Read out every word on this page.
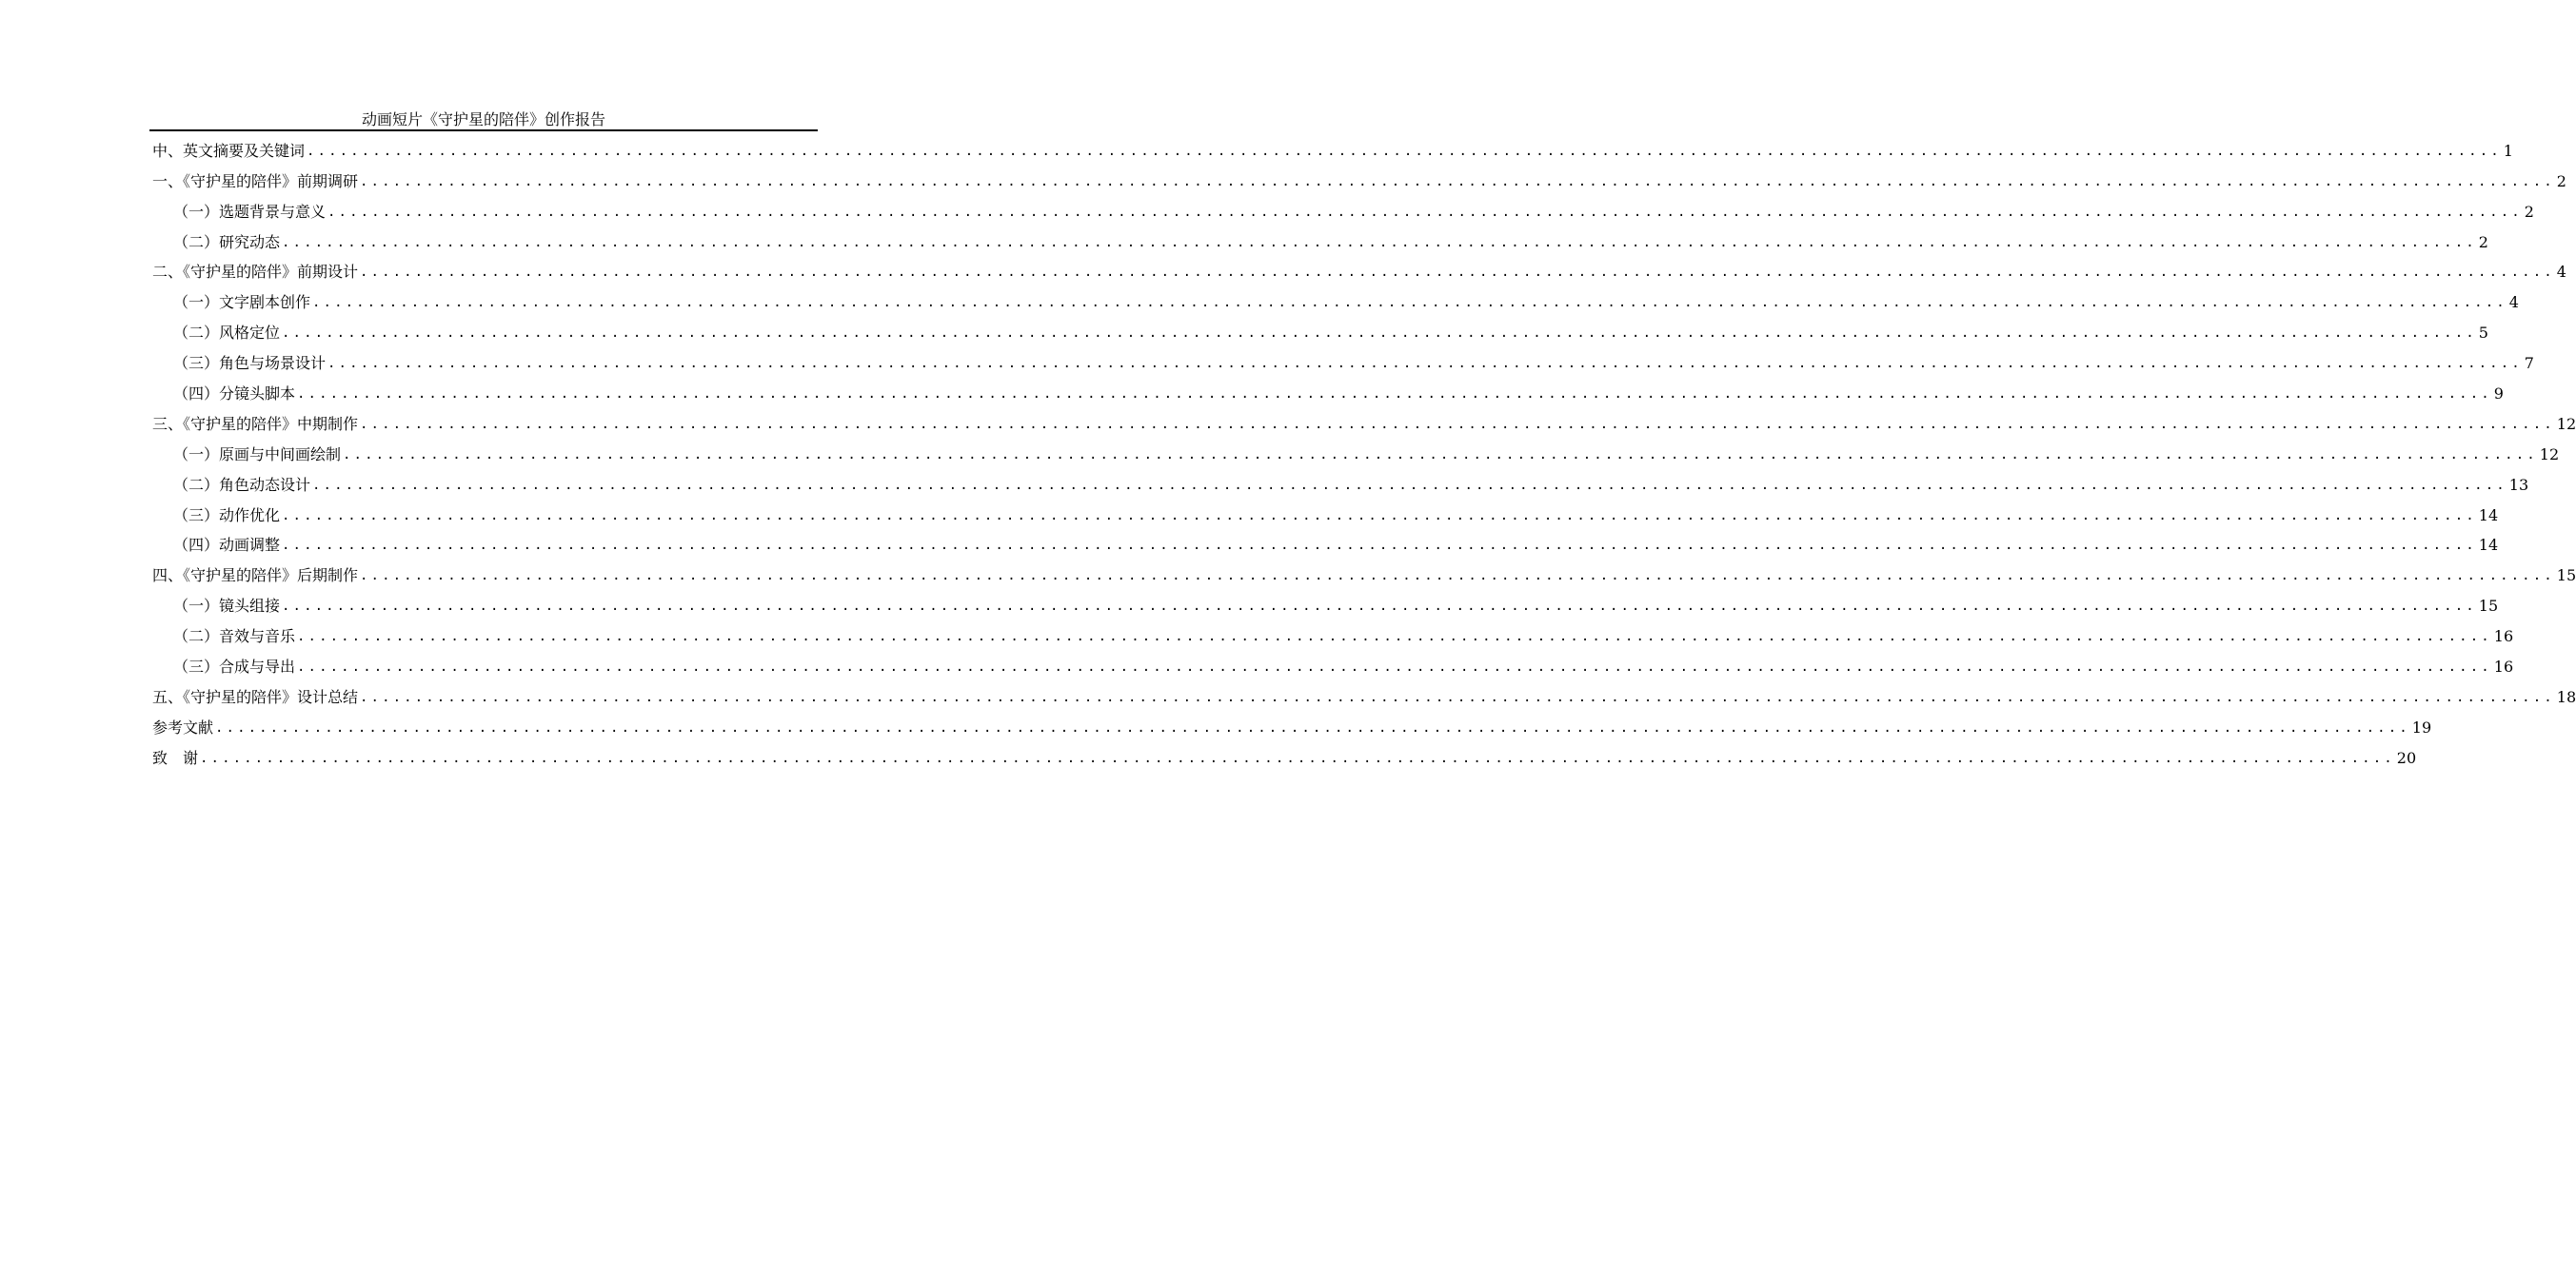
动画短片《守护星的陪伴》创作报告
中、英文摘要及关键词 ........................................................................................................................................................................................................ 1
一、《守护星的陪伴》前期调研 ........................................................................................................................................................................................................ 2
（一）选题背景与意义 ........................................................................................................................................................................................................ 2
（二）研究动态 ........................................................................................................................................................................................................ 2
二、《守护星的陪伴》前期设计 ........................................................................................................................................................................................................ 4
（一）文字剧本创作 ........................................................................................................................................................................................................ 4
（二）风格定位 ........................................................................................................................................................................................................ 5
（三）角色与场景设计 ........................................................................................................................................................................................................ 7
（四）分镜头脚本 ........................................................................................................................................................................................................ 9
三、《守护星的陪伴》中期制作 ........................................................................................................................................................................................................ 12
（一）原画与中间画绘制 ........................................................................................................................................................................................................ 12
（二）角色动态设计 ........................................................................................................................................................................................................ 13
（三）动作优化 ........................................................................................................................................................................................................ 14
（四）动画调整 ........................................................................................................................................................................................................ 14
四、《守护星的陪伴》后期制作 ........................................................................................................................................................................................................ 15
（一）镜头组接 ........................................................................................................................................................................................................ 15
（二）音效与音乐 ........................................................................................................................................................................................................ 16
（三）合成与导出 ........................................................................................................................................................................................................ 16
五、《守护星的陪伴》设计总结 ........................................................................................................................................................................................................ 18
参考文献 ........................................................................................................................................................................................................ 19
致　谢 ........................................................................................................................................................................................................ 20
